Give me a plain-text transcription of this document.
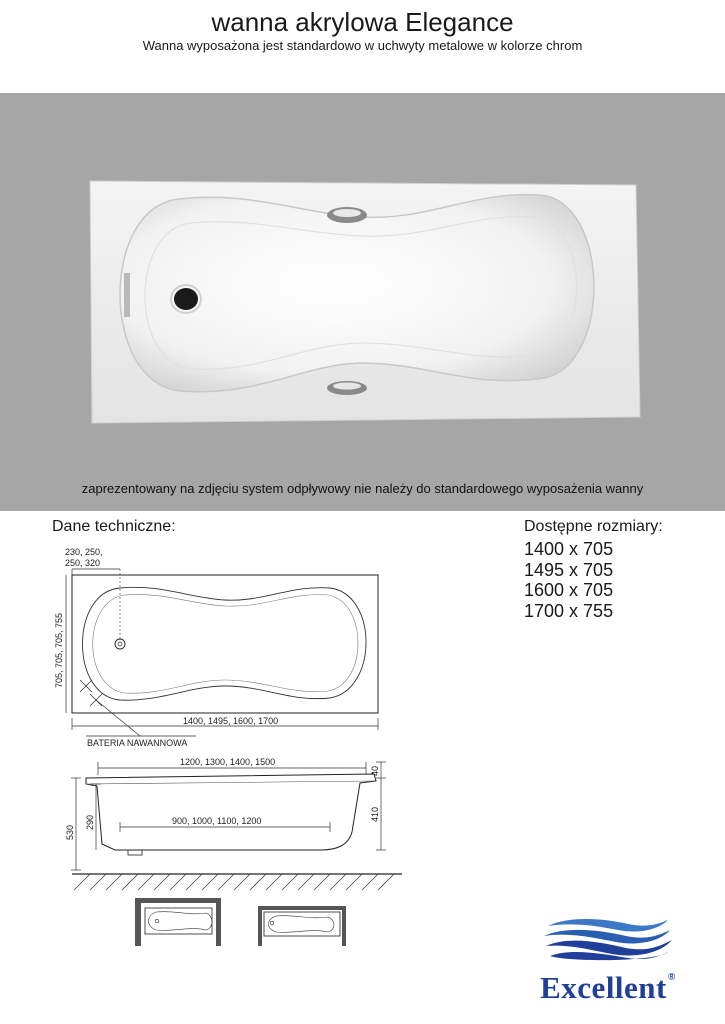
wanna akrylowa Elegance
Wanna wyposażona jest standardowo w uchwyty metalowe w kolorze chrom
zaprezentowany na zdjęciu system odpływowy nie należy do standardowego wyposażenia wanny
Dane techniczne:	Dostępne rozmiary:
1400 x 705
1495 x 705
1600 x 705
1700 x 755
230, 250,
250, 320
705, 705, 705, 755
1400, 1495, 1600, 1700
BATERIA NAWANNOWA
1200, 1300, 1400, 1500
900, 1000, 1100, 1200
40
410
290
530
Excellent®
